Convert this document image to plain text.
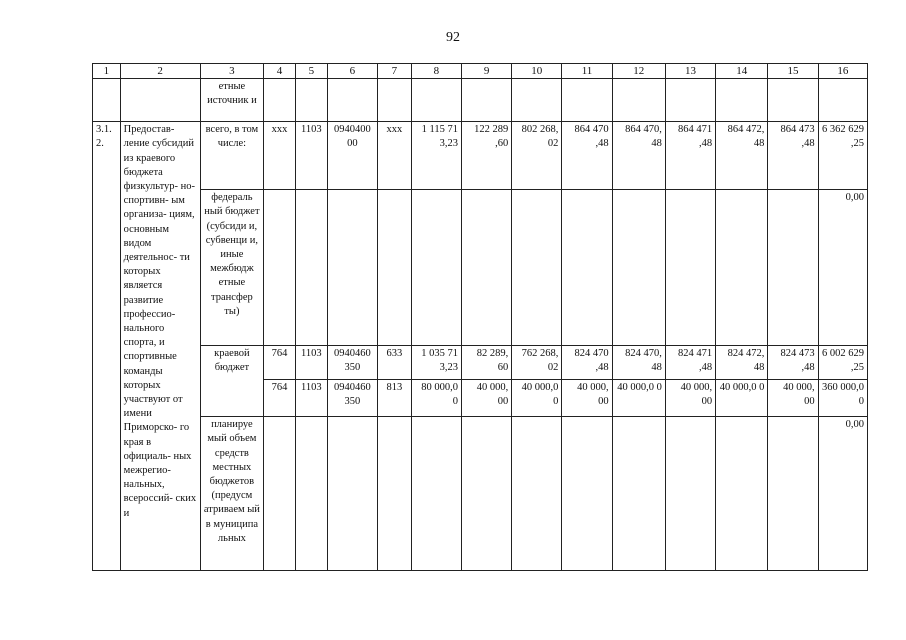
92
1	2	3	4	5	6	7	8	9	10	11	12	13	14	15	16
		етные источник и													
3.1. 2.	Предостав- ление субсидий из краевого бюджета физкультур- но-спортивн- ым организа- циям, основным видом деятельнос- ти которых является развитие профессио- нального спорта, и спортивные команды которых участвуют от имени Приморско- го края в официаль- ных межрегио- нальных, всероссий- ских и	всего, в том числе:	ххх	1103	0940400 00	ххх	1 115 71 3,23	122 289 ,60	802 268, 02	864 470 ,48	864 470, 48	864 471 ,48	864 472, 48	864 473 ,48	6 362 629 ,25
		федераль ный бюджет (субсиди и, субвенци и, иные межбюдж етные трансфер ты)													0,00
		краевой бюджет	764	1103	0940460 350	633	1 035 71 3,23	82 289, 60	762 268, 02	824 470 ,48	824 470, 48	824 471 ,48	824 472, 48	824 473 ,48	6 002 629 ,25
			764	1103	0940460 350	813	80 000,0 0	40 000, 00	40 000,0 0	40 000, 00	40 000,0 0	40 000, 00	40 000,0 0	40 000, 00	360 000,0 0
		планируе мый объем средств местных бюджетов (предусм атриваем ый в муниципа льных													0,00
